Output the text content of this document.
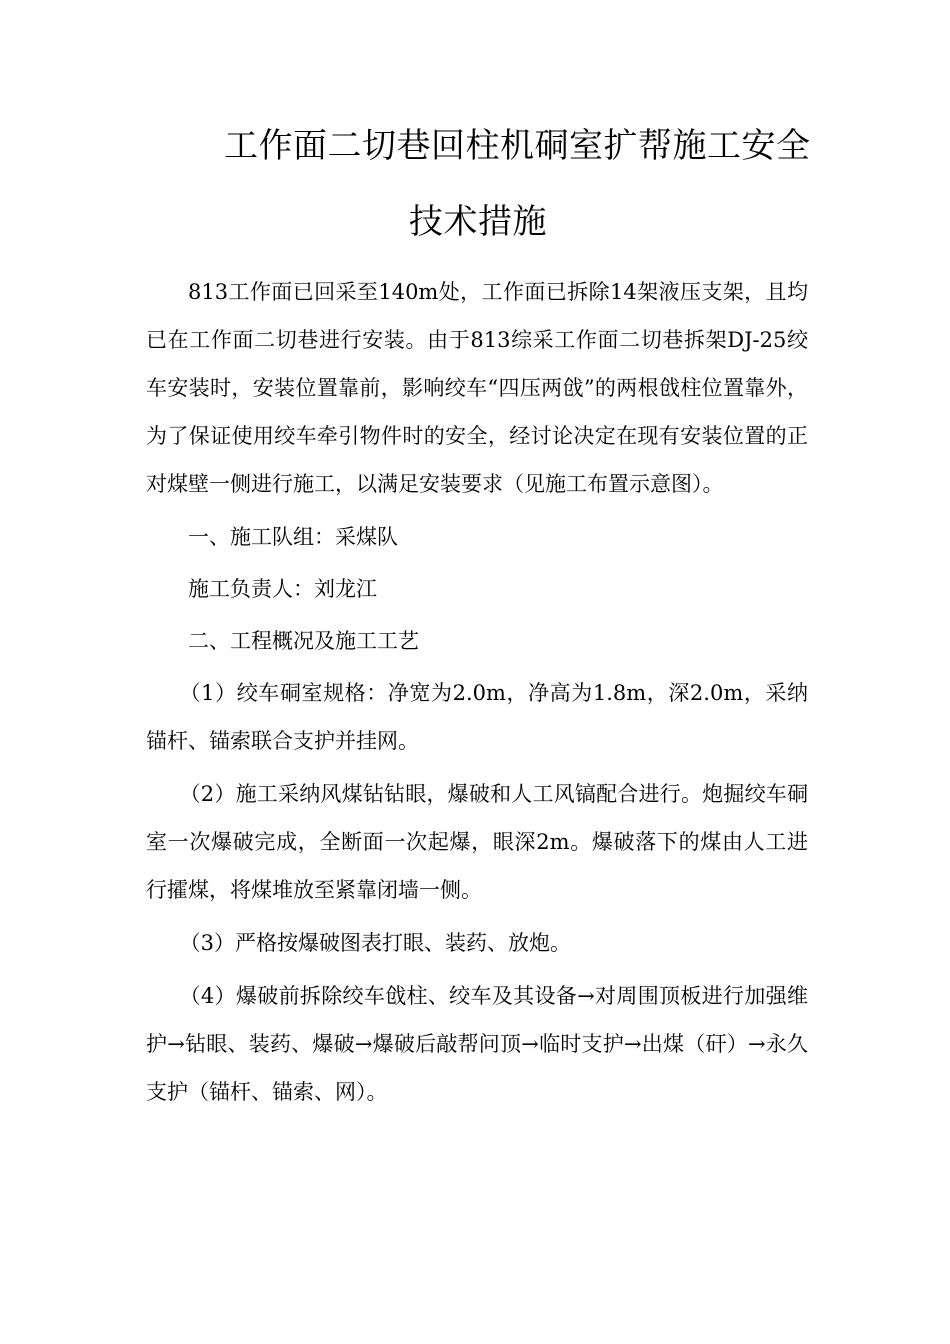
工作面二切巷回柱机硐室扩帮施工安全
技术措施

813工作面已回采至140m处，工作面已拆除14架液压支架，且均已在工作面二切巷进行安装。由于813综采工作面二切巷拆架DJ-25绞车安装时，安装位置靠前，影响绞车“四压两戗”的两根戗柱位置靠外，为了保证使用绞车牵引物件时的安全，经讨论决定在现有安装位置的正对煤壁一侧进行施工，以满足安装要求（见施工布置示意图）。

一、施工队组：采煤队

施工负责人：刘龙江

二、工程概况及施工工艺

（1）绞车硐室规格：净宽为2.0m，净高为1.8m，深2.0m，采纳锚杆、锚索联合支护并挂网。

（2）施工采纳风煤钻钻眼，爆破和人工风镐配合进行。炮掘绞车硐室一次爆破完成，全断面一次起爆，眼深2m。爆破落下的煤由人工进行攉煤，将煤堆放至紧靠闭墙一侧。

（3）严格按爆破图表打眼、装药、放炮。

（4）爆破前拆除绞车戗柱、绞车及其设备→对周围顶板进行加强维护→钻眼、装药、爆破→爆破后敲帮问顶→临时支护→出煤（矸）→永久支护（锚杆、锚索、网）。
